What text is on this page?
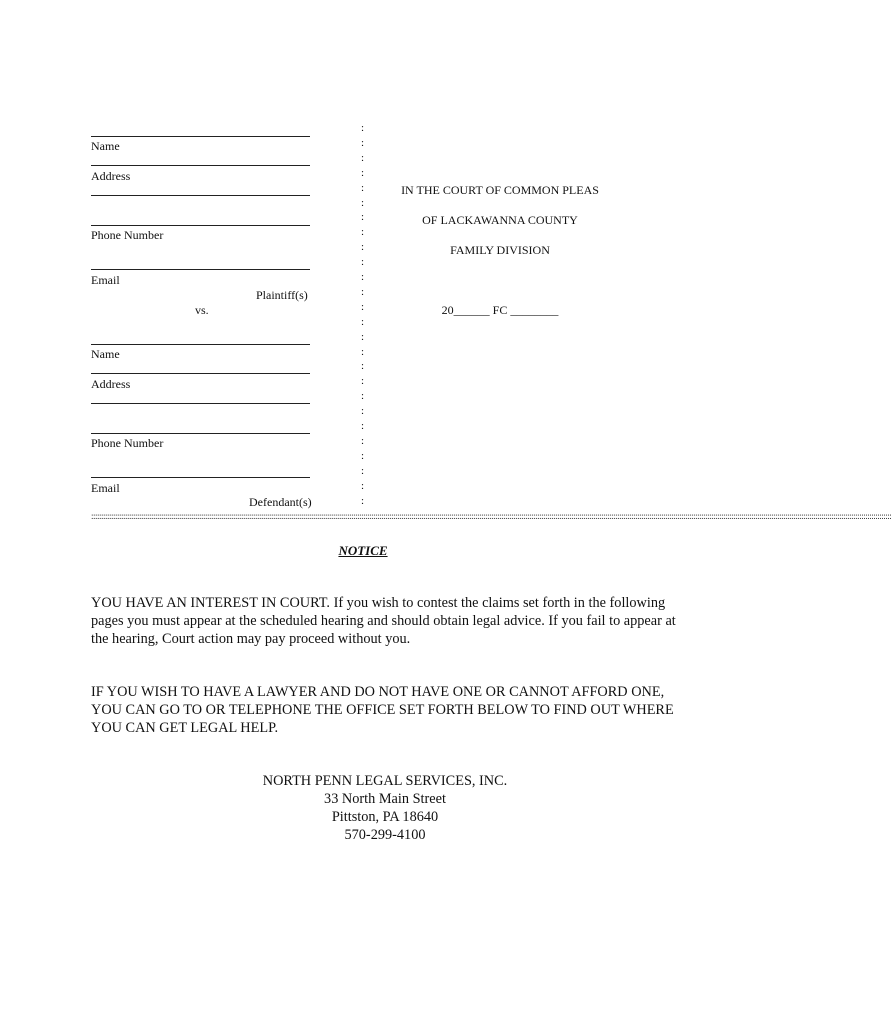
Name
Address
Phone Number
Email
Plaintiff(s)
vs.
Name
Address
Phone Number
Email
Defendant(s)
:
:
:
:
:
:
:
:
:
:
:
:
:
:
:
:
:
:
:
:
:
:
:
:
:
:
IN THE COURT OF COMMON PLEAS
OF LACKAWANNA COUNTY
FAMILY DIVISION
20______ FC ________
::::::::::::::::::::::::::::::::::::::::::::::::::::::::::::::::::::::::::::::::::::::::::::::::::::::::::::::::::::::::::::::::::::::::::::::::::::::::::::::::::::::::::::::::::::::::::::::::::::::::::::::::::::::::::::::::::::::::::::::::::::::::::::::::::::::::::::::::::::::::::::::::::::::::::::::::::::::::::::::::::::::::::::::::::::::::::::::::::::::::::::::::::::::::::::::::::::::::::::::::
NOTICE
YOU HAVE AN INTEREST IN COURT. If you wish to contest the claims set forth in the following pages you must appear at the scheduled hearing and should obtain legal advice. If you fail to appear at the hearing, Court action may pay proceed without you.
IF YOU WISH TO HAVE A LAWYER AND DO NOT HAVE ONE OR CANNOT AFFORD ONE, YOU CAN GO TO OR TELEPHONE THE OFFICE SET FORTH BELOW TO FIND OUT WHERE YOU CAN GET LEGAL HELP.
NORTH PENN LEGAL SERVICES, INC.
33 North Main Street
Pittston, PA 18640
570-299-4100
